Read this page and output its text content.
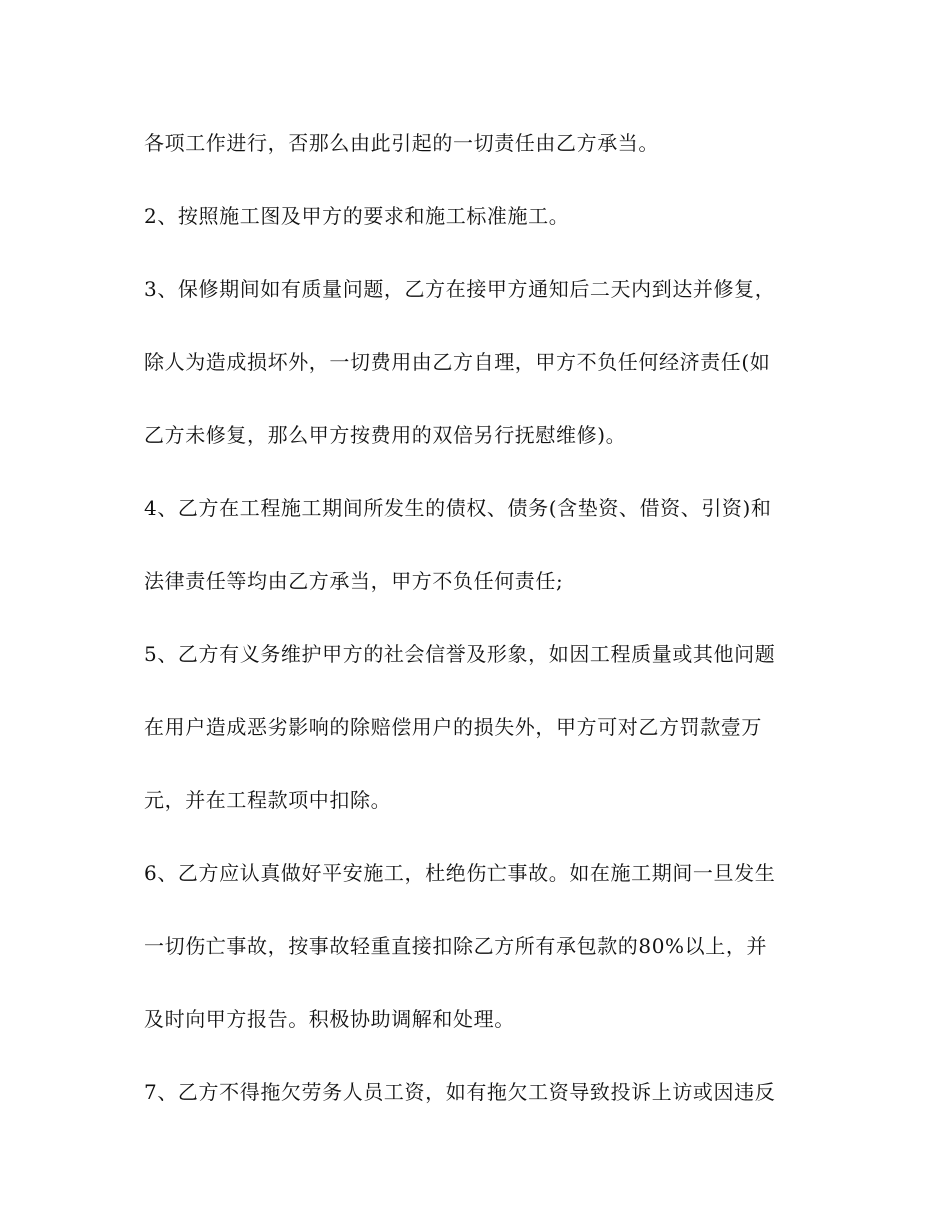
各项工作进行，否那么由此引起的一切责任由乙方承当。
2、按照施工图及甲方的要求和施工标准施工。
3、保修期间如有质量问题，乙方在接甲方通知后二天内到达并修复，
除人为造成损坏外，一切费用由乙方自理，甲方不负任何经济责任(如
乙方未修复，那么甲方按费用的双倍另行抚慰维修)。
4、乙方在工程施工期间所发生的债权、债务(含垫资、借资、引资)和
法律责任等均由乙方承当，甲方不负任何责任;
5、乙方有义务维护甲方的社会信誉及形象，如因工程质量或其他问题
在用户造成恶劣影响的除赔偿用户的损失外，甲方可对乙方罚款壹万
元，并在工程款项中扣除。
6、乙方应认真做好平安施工，杜绝伤亡事故。如在施工期间一旦发生
一切伤亡事故，按事故轻重直接扣除乙方所有承包款的80%以上，并
及时向甲方报告。积极协助调解和处理。
7、乙方不得拖欠劳务人员工资，如有拖欠工资导致投诉上访或因违反
